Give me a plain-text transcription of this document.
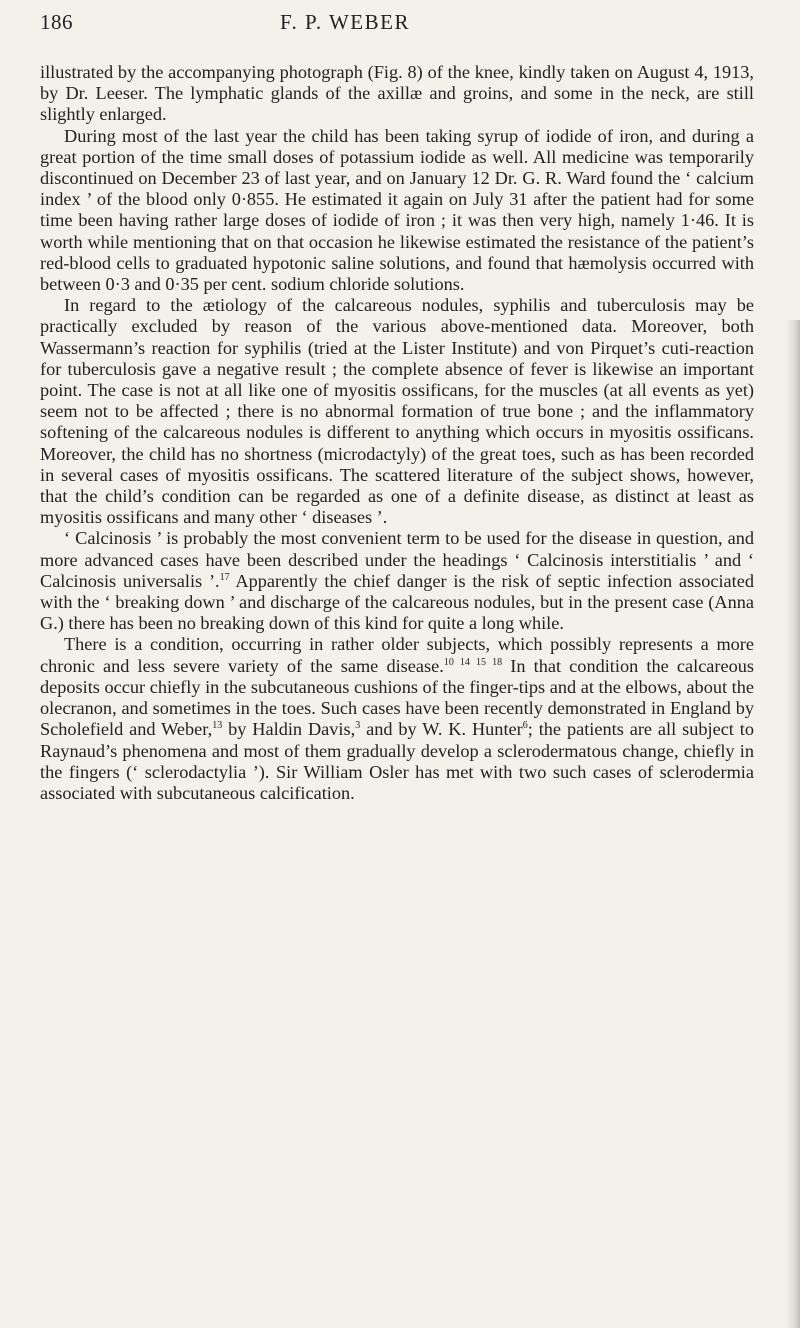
186	F. P. WEBER

illustrated by the accompanying photograph (Fig. 8) of the knee, kindly taken on August 4, 1913, by Dr. Leeser. The lymphatic glands of the axillæ and groins, and some in the neck, are still slightly enlarged.

During most of the last year the child has been taking syrup of iodide of iron, and during a great portion of the time small doses of potassium iodide as well. All medicine was temporarily discontinued on December 23 of last year, and on January 12 Dr. G. R. Ward found the ‘ calcium index ’ of the blood only 0·855. He estimated it again on July 31 after the patient had for some time been having rather large doses of iodide of iron ; it was then very high, namely 1·46. It is worth while mentioning that on that occasion he likewise estimated the resistance of the patient’s red-blood cells to graduated hypotonic saline solutions, and found that hæmolysis occurred with between 0·3 and 0·35 per cent. sodium chloride solutions.

In regard to the ætiology of the calcareous nodules, syphilis and tuberculosis may be practically excluded by reason of the various above-mentioned data. Moreover, both Wassermann’s reaction for syphilis (tried at the Lister Institute) and von Pirquet’s cuti-reaction for tuberculosis gave a negative result ; the complete absence of fever is likewise an important point. The case is not at all like one of myositis ossificans, for the muscles (at all events as yet) seem not to be affected ; there is no abnormal formation of true bone ; and the inflammatory softening of the calcareous nodules is different to anything which occurs in myositis ossificans. Moreover, the child has no shortness (microdactyly) of the great toes, such as has been recorded in several cases of myositis ossificans. The scattered literature of the subject shows, however, that the child’s condition can be regarded as one of a definite disease, as distinct at least as myositis ossificans and many other ‘ diseases ’.

‘ Calcinosis ’ is probably the most convenient term to be used for the disease in question, and more advanced cases have been described under the headings ‘ Calcinosis interstitialis ’ and ‘ Calcinosis universalis ’.$^{17}$ Apparently the chief danger is the risk of septic infection associated with the ‘ breaking down ’ and discharge of the calcareous nodules, but in the present case (Anna G.) there has been no breaking down of this kind for quite a long while.

There is a condition, occurring in rather older subjects, which possibly represents a more chronic and less severe variety of the same disease.$^{10 14 15 18}$ In that condition the calcareous deposits occur chiefly in the subcutaneous cushions of the finger-tips and at the elbows, about the olecranon, and sometimes in the toes. Such cases have been recently demonstrated in England by Scholefield and Weber,$^{13}$ by Haldin Davis,$^3$ and by W. K. Hunter$^6$; the patients are all subject to Raynaud’s phenomena and most of them gradually develop a sclerodermatous change, chiefly in the fingers (‘ sclerodactylia ’). Sir William Osler has met with two such cases of sclerodermia associated with subcutaneous calcification.
